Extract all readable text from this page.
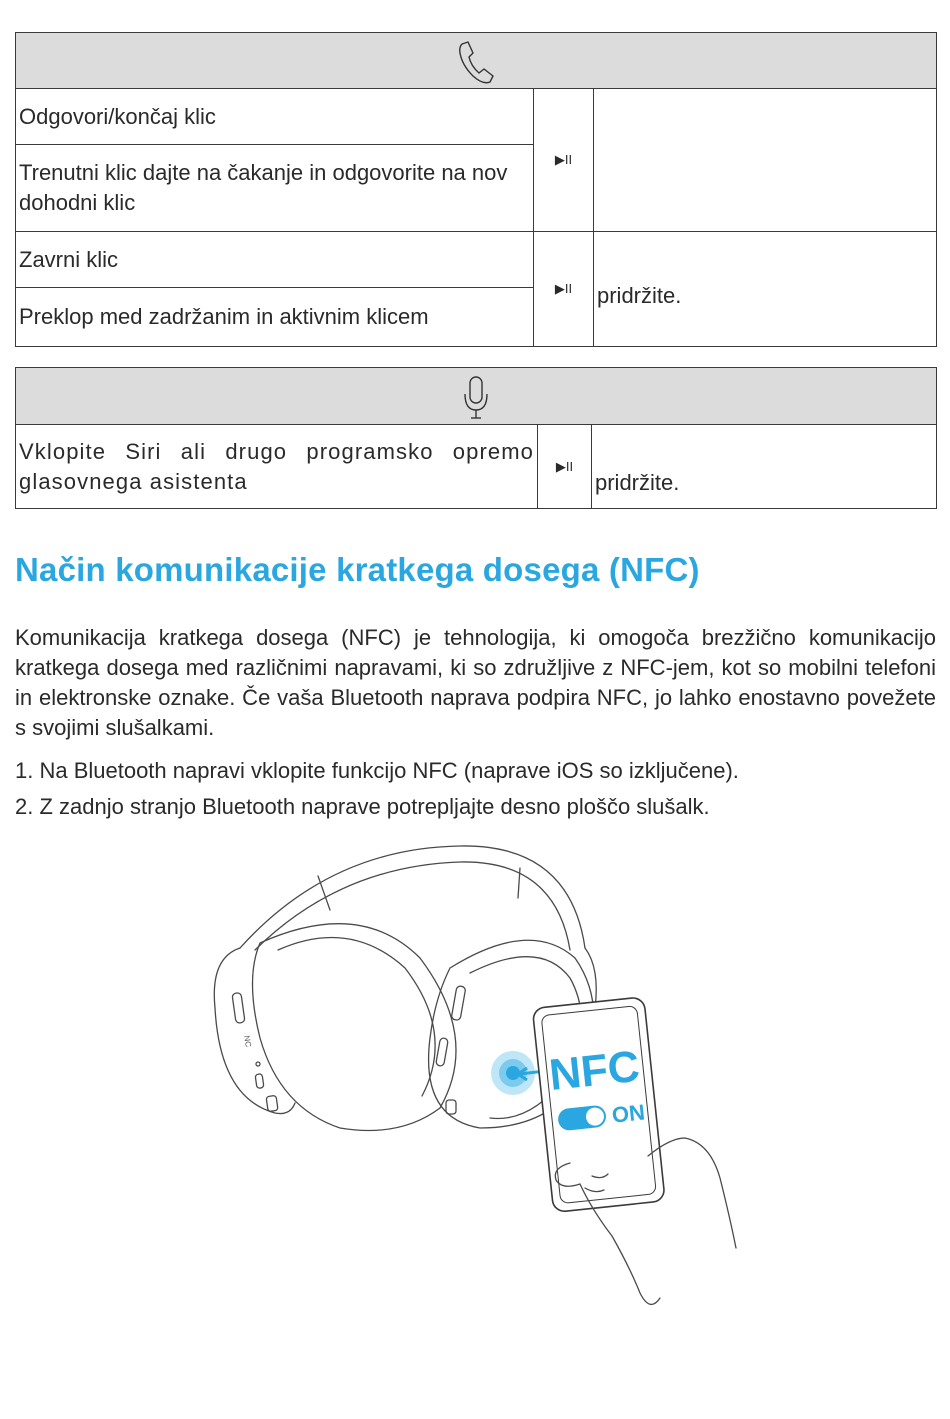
Odgovori/končaj klic	▶II	
Trenutni klic dajte na čakanje in odgovorite na nov dohodni klic		
Zavrni klic	▶II	pridržite.
Preklop med zadržanim in aktivnim klicem		

Vklopite Siri ali drugo programsko opremo glasovnega asistenta	▶II	pridržite.
Način komunikacije kratkega dosega (NFC)

Komunikacija kratkega dosega (NFC) je tehnologija, ki omogoča brezžično komunikacijo kratkega dosega med različnimi napravami, ki so združljive z NFC-jem, kot so mobilni telefoni in elektronske oznake. Če vaša Bluetooth naprava podpira NFC, jo lahko enostavno povežete s svojimi slušalkami.

1. Na Bluetooth napravi vklopite funkcijo NFC (naprave iOS so izključene).

2. Z zadnjo stranjo Bluetooth naprave potrepljajte desno ploščo slušalk.

NC
NFC
ON
